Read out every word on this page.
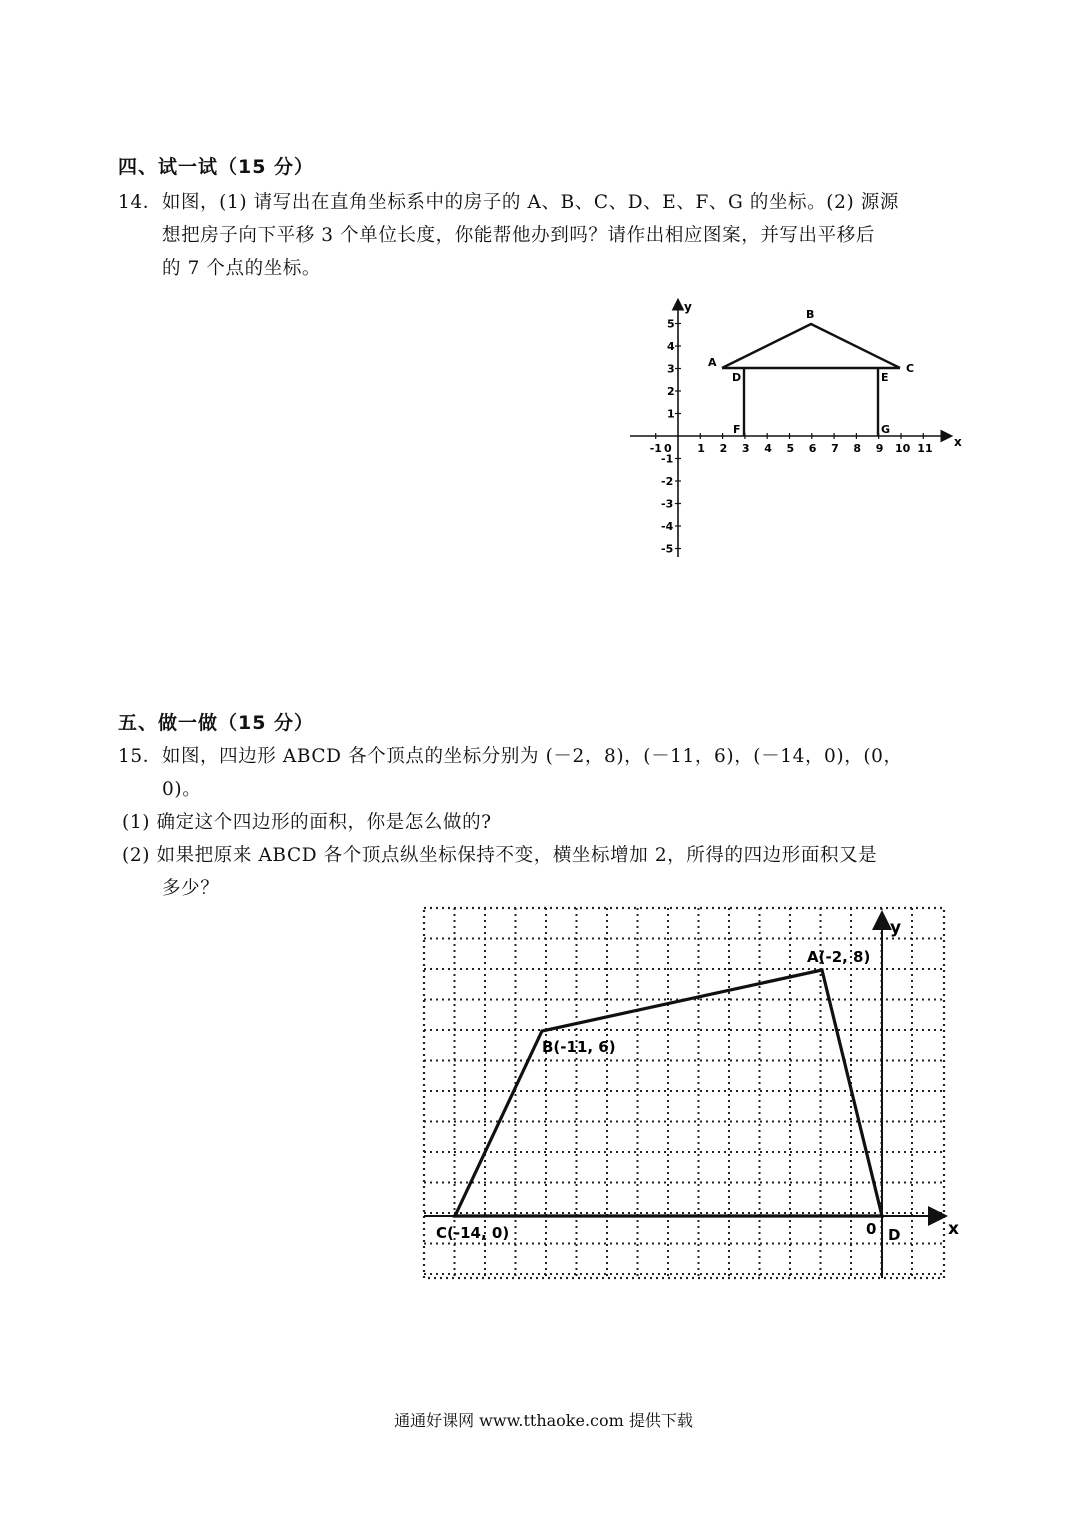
四、试一试（15 分）
14．如图，(1) 请写出在直角坐标系中的房子的 A、B、C、D、E、F、G 的坐标。(2) 源源
想把房子向下平移 3 个单位长度，你能帮他办到吗？请作出相应图案，并写出平移后
的 7 个点的坐标。
x
y
0
-1	1 2 3 4 5 6 7 8 9 10 11
5
4
3
2
1
-1
-2
-3
-4
-5
A
B
C
D	E
F	G
五、做一做（15 分）
15．如图，四边形 ABCD 各个顶点的坐标分别为 (－2，8)，(－11，6)，(－14，0)，(0，
0)。
(1) 确定这个四边形的面积，你是怎么做的?
(2) 如果把原来 ABCD 各个顶点纵坐标保持不变，横坐标增加 2，所得的四边形面积又是
多少？
x
y
0
A(-2, 8)
B(-11, 6)
C(-14, 0)	D
通通好课网 www.tthaoke.com 提供下载
